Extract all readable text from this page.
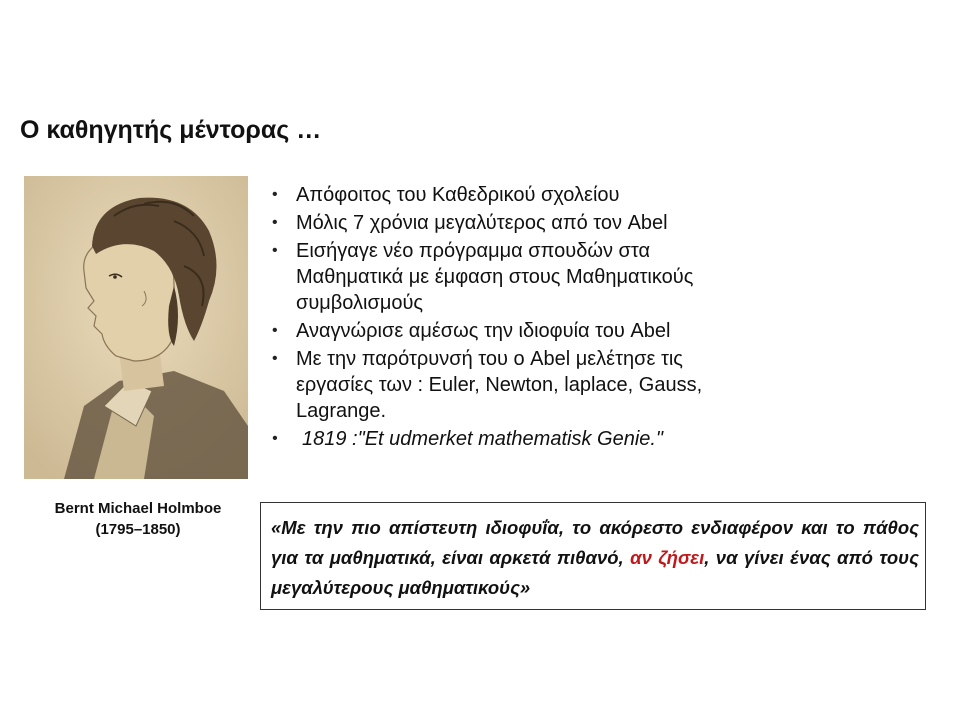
Ο καθηγητής μέντορας …
Bernt Michael Holmboe
(1795–1850)
• Απόφοιτος του Καθεδρικού σχολείου
• Μόλις 7 χρόνια μεγαλύτερος από τον Abel
• Εισήγαγε νέο πρόγραμμα σπουδών στα Μαθηματικά με έμφαση στους Μαθηματικούς συμβολισμούς
• Αναγνώρισε αμέσως την ιδιοφυία του Abel
• Με την παρότρυνσή του ο Abel μελέτησε τις εργασίες των : Euler, Newton, laplace, Gauss, Lagrange.
• 1819 :"Et udmerket mathematisk Genie."
«Με την πιο απίστευτη ιδιοφυΐα, το ακόρεστο ενδιαφέρον και το πάθος για τα μαθηματικά, είναι αρκετά πιθανό, αν ζήσει, να γίνει ένας από τους μεγαλύτερους μαθηματικούς»
